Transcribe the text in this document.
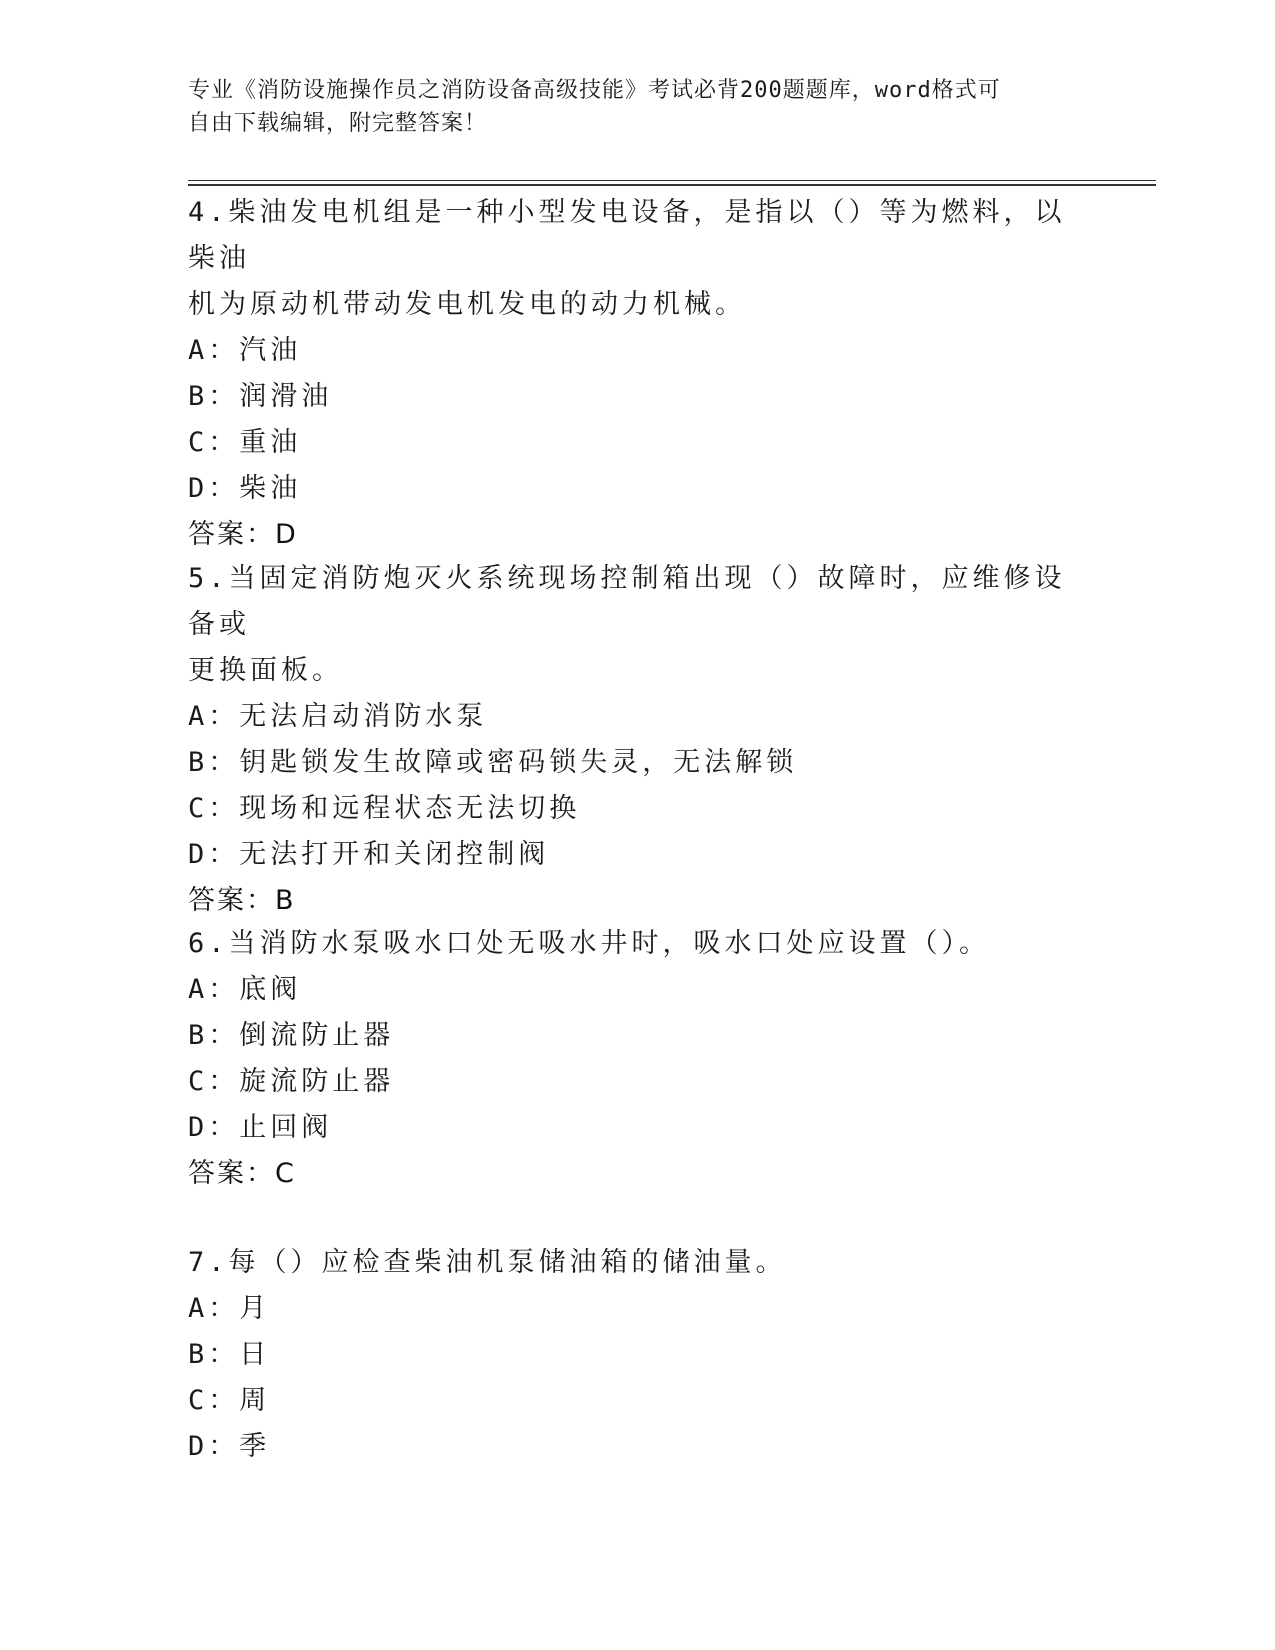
专业《消防设施操作员之消防设备高级技能》考试必背200题题库，word格式可
自由下载编辑，附完整答案！
4.柴油发电机组是一种小型发电设备，是指以（）等为燃料，以柴油
机为原动机带动发电机发电的动力机械。
A：汽油
B：润滑油
C：重油
D：柴油
答案：D
5.当固定消防炮灭火系统现场控制箱出现（）故障时，应维修设备或
更换面板。
A：无法启动消防水泵
B：钥匙锁发生故障或密码锁失灵，无法解锁
C：现场和远程状态无法切换
D：无法打开和关闭控制阀
答案：B
6.当消防水泵吸水口处无吸水井时，吸水口处应设置（）。
A：底阀
B：倒流防止器
C：旋流防止器
D：止回阀
答案：C
7.每（）应检查柴油机泵储油箱的储油量。
A：月
B：日
C：周
D：季
